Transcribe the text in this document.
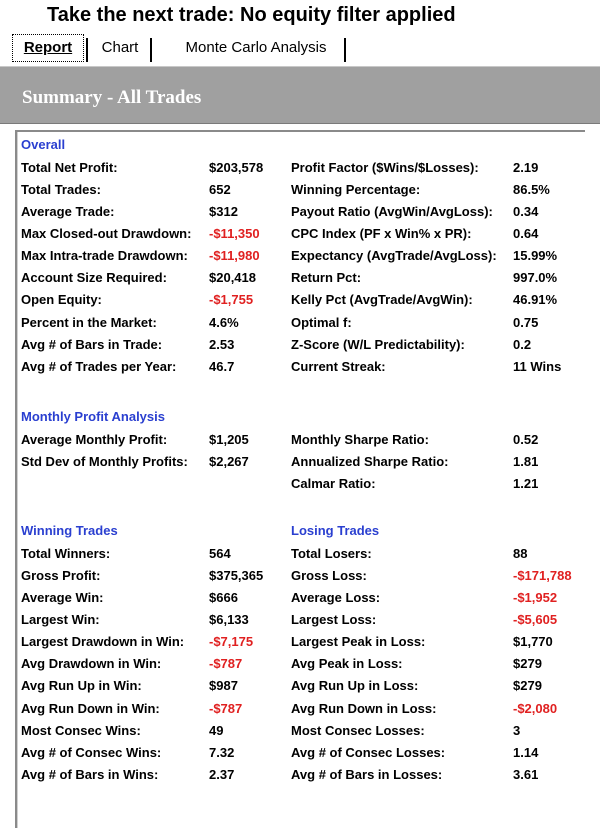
Take the next trade: No equity filter applied
Report	Chart	Monte Carlo Analysis
Summary - All Trades
Overall
Monthly Profit Analysis
Winning Trades	Losing Trades
Total Net Profit:	$203,578
Total Trades:	652
Average Trade:	$312
Max Closed-out Drawdown: -$11,350
Max Intra-trade Drawdown: -$11,980
Account Size Required:	$20,418
Open Equity:	-$1,755
Percent in the Market:	4.6%
Avg # of Bars in Trade:	2.53
Avg # of Trades per Year:	46.7
Profit Factor ($Wins/$Losses):	2.19
Winning Percentage:	86.5%
Payout Ratio (AvgWin/AvgLoss): 0.34
CPC Index (PF x Win% x PR):	0.64
Expectancy (AvgTrade/AvgLoss): 15.99%
Return Pct:	997.0%
Kelly Pct (AvgTrade/AvgWin):	46.91%
Optimal f:	0.75
Z-Score (W/L Predictability):	0.2
Current Streak:	11 Wins
Average Monthly Profit:	$1,205
Std Dev of Monthly Profits: $2,267
Monthly Sharpe Ratio:	0.52
Annualized Sharpe Ratio:	1.81
Calmar Ratio:	1.21
Total Winners:	564
Gross Profit:	$375,365
Average Win:	$666
Largest Win:	$6,133
Largest Drawdown in Win: -$7,175
Avg Drawdown in Win:	-$787
Avg Run Up in Win:	$987
Avg Run Down in Win:	-$787
Most Consec Wins:	49
Avg # of Consec Wins:	7.32
Avg # of Bars in Wins:	2.37
Total Losers:	88
Gross Loss:	-$171,788
Average Loss:	-$1,952
Largest Loss:	-$5,605
Largest Peak in Loss:	$1,770
Avg Peak in Loss:	$279
Avg Run Up in Loss:	$279
Avg Run Down in Loss:	-$2,080
Most Consec Losses:	3
Avg # of Consec Losses:	1.14
Avg # of Bars in Losses:	3.61
